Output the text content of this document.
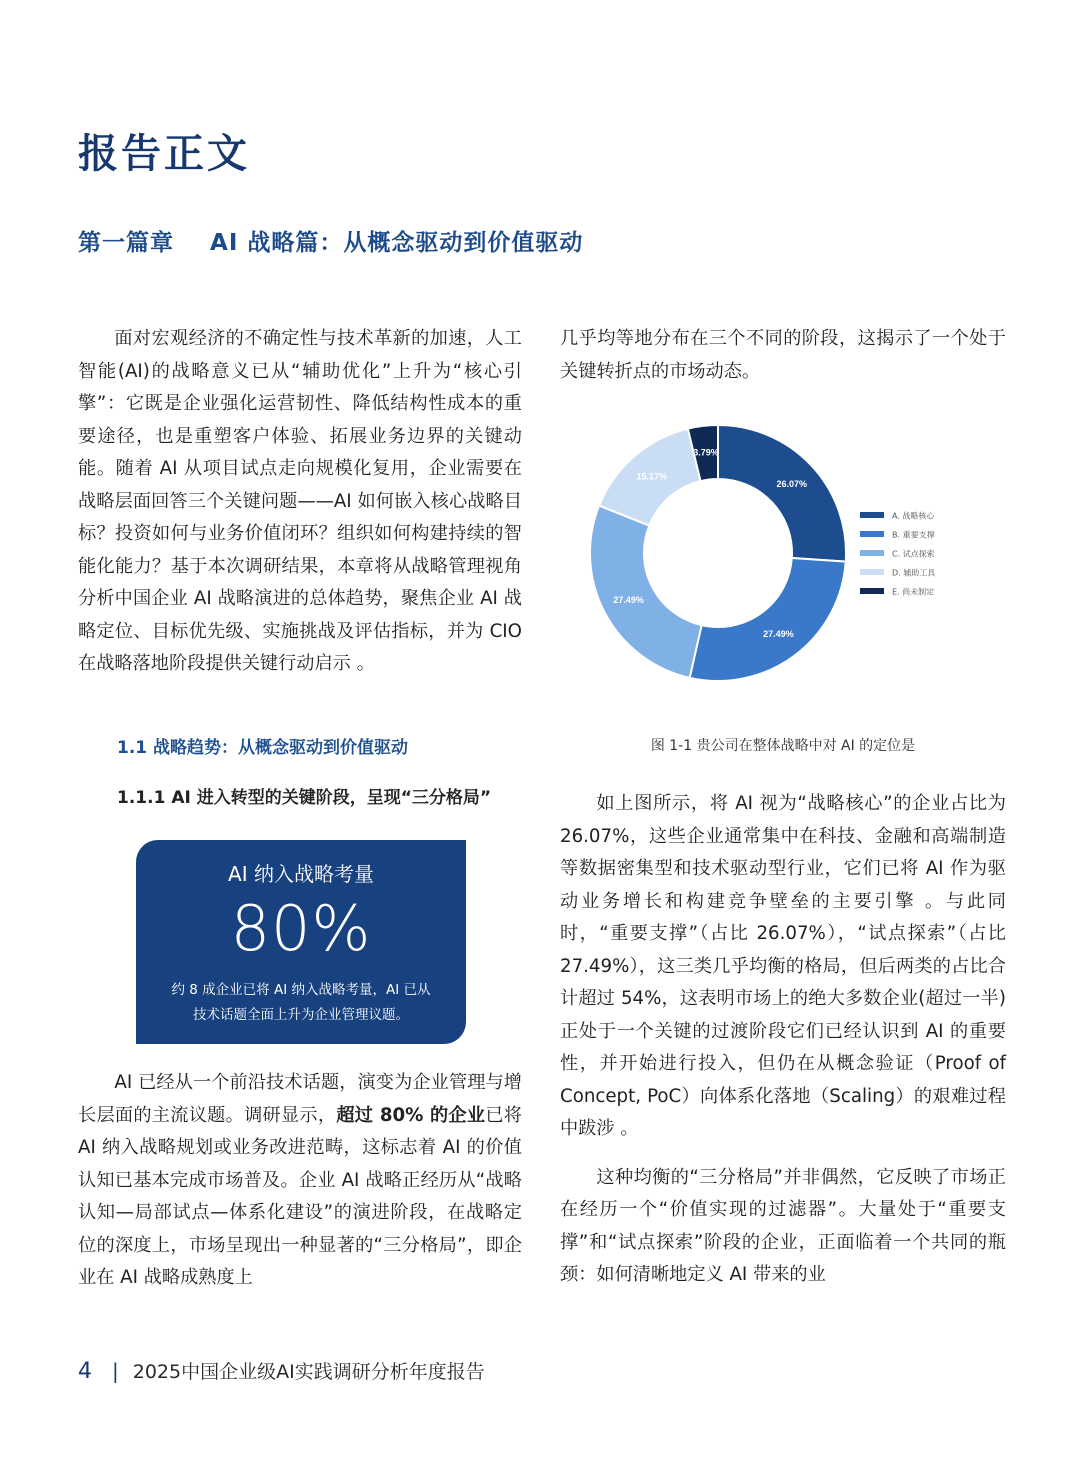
报告正文
第一篇章    AI 战略篇：从概念驱动到价值驱动

面对宏观经济的不确定性与技术革新的加速，人工智能(AI)的战略意义已从“辅助优化”上升为“核心引擎”：它既是企业强化运营韧性、降低结构性成本的重要途径，也是重塑客户体验、拓展业务边界的关键动能。随着 AI 从项目试点走向规模化复用，企业需要在战略层面回答三个关键问题——AI 如何嵌入核心战略目标？投资如何与业务价值闭环？组织如何构建持续的智能化能力？基于本次调研结果，本章将从战略管理视角分析中国企业 AI 战略演进的总体趋势，聚焦企业 AI 战略定位、目标优先级、实施挑战及评估指标，并为 CIO 在战略落地阶段提供关键行动启示 。

1.1 战略趋势：从概念驱动到价值驱动
1.1.1 AI 进入转型的关键阶段，呈现“三分格局”
AI 纳入战略考量
80%
约 8 成企业已将 AI 纳入战略考量，AI 已从技术话题全面上升为企业管理议题。

AI 已经从一个前沿技术话题，演变为企业管理与增长层面的主流议题。调研显示，超过 80% 的企业已将 AI 纳入战略规划或业务改进范畴，这标志着 AI 的价值认知已基本完成市场普及。企业 AI 战略正经历从“战略认知—局部试点—体系化建设”的演进阶段，在战略定位的深度上，市场呈现出一种显著的“三分格局”，即企业在 AI 战略成熟度上

几乎均等地分布在三个不同的阶段，这揭示了一个处于关键转折点的市场动态。

26.07%
27.49%
27.49%
15.17%
3.79%
A. 战略核心
B. 重要支撑
C. 试点探索
D. 辅助工具
E. 尚未制定

图 1-1 贵公司在整体战略中对 AI 的定位是

如上图所示，将 AI 视为“战略核心”的企业占比为 26.07%，这些企业通常集中在科技、金融和高端制造等数据密集型和技术驱动型行业，它们已将 AI 作为驱动业务增长和构建竞争壁垒的主要引擎 。与此同时，“重要支撑”（占比 26.07%），“试点探索”（占比 27.49%），这三类几乎均衡的格局，但后两类的占比合计超过 54%，这表明市场上的绝大多数企业(超过一半)正处于一个关键的过渡阶段它们已经认识到 AI 的重要性，并开始进行投入，但仍在从概念验证（Proof of Concept, PoC）向体系化落地（Scaling）的艰难过程中跋涉 。

这种均衡的“三分格局”并非偶然，它反映了市场正在经历一个“价值实现的过滤器”。大量处于“重要支撑”和“试点探索”阶段的企业，正面临着一个共同的瓶颈：如何清晰地定义 AI 带来的业

4 | 2025中国企业级AI实践调研分析年度报告
